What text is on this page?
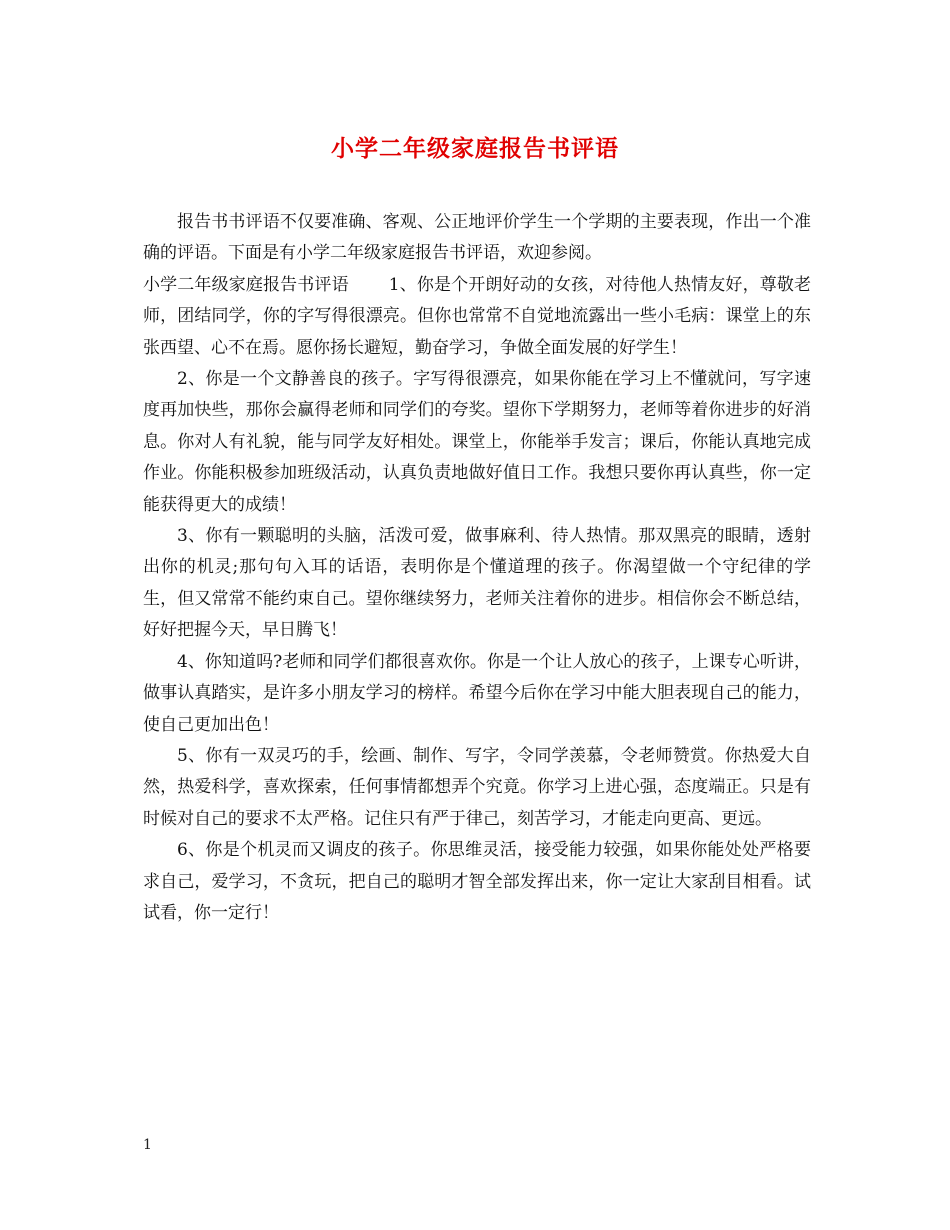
小学二年级家庭报告书评语

报告书书评语不仅要准确、客观、公正地评价学生一个学期的主要表现，作出一个准确的评语。下面是有小学二年级家庭报告书评语，欢迎参阅。

小学二年级家庭报告书评语 1、你是个开朗好动的女孩，对待他人热情友好，尊敬老师，团结同学，你的字写得很漂亮。但你也常常不自觉地流露出一些小毛病：课堂上的东张西望、心不在焉。愿你扬长避短，勤奋学习，争做全面发展的好学生！

2、你是一个文静善良的孩子。字写得很漂亮，如果你能在学习上不懂就问，写字速度再加快些，那你会赢得老师和同学们的夸奖。望你下学期努力，老师等着你进步的好消息。你对人有礼貌，能与同学友好相处。课堂上，你能举手发言；课后，你能认真地完成作业。你能积极参加班级活动，认真负责地做好值日工作。我想只要你再认真些，你一定能获得更大的成绩！

3、你有一颗聪明的头脑，活泼可爱，做事麻利、待人热情。那双黑亮的眼睛，透射出你的机灵;那句句入耳的话语，表明你是个懂道理的孩子。你渴望做一个守纪律的学生，但又常常不能约束自己。望你继续努力，老师关注着你的进步。相信你会不断总结，好好把握今天，早日腾飞！

4、你知道吗?老师和同学们都很喜欢你。你是一个让人放心的孩子，上课专心听讲，做事认真踏实，是许多小朋友学习的榜样。希望今后你在学习中能大胆表现自己的能力，使自己更加出色！

5、你有一双灵巧的手，绘画、制作、写字，令同学羡慕，令老师赞赏。你热爱大自然，热爱科学，喜欢探索，任何事情都想弄个究竟。你学习上进心强，态度端正。只是有时候对自己的要求不太严格。记住只有严于律己，刻苦学习，才能走向更高、更远。

6、你是个机灵而又调皮的孩子。你思维灵活，接受能力较强，如果你能处处严格要求自己，爱学习，不贪玩，把自己的聪明才智全部发挥出来，你一定让大家刮目相看。试试看，你一定行！

1
